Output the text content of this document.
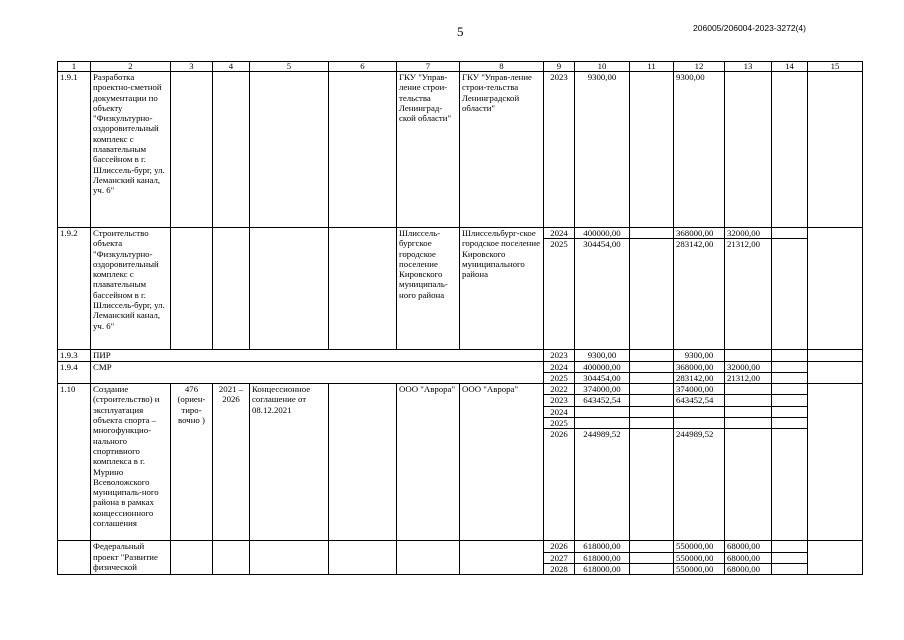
5	206005/206004-2023-3272(4)
1	2	3	4	5	6	7	8	9	10	11	12	13	14	15
1.9.1	Разработка проектно-сметной документации по объекту "Физкультурно-оздоровительный комплекс с плавательным бассейном в г. Шлиссель-бург, ул. Леманский канал, уч. 6"					ГКУ "Управ-ление строи-тельства Ленинград-ской области"	ГКУ "Управ-ление строи-тельства Ленинградской области"	2023	9300,00		9300,00			
1.9.2	Строительство объекта "Физкультурно-оздоровительный комплекс с плавательным бассейном в г. Шлиссель-бург, ул. Леманский канал, уч. 6"					Шлиссель-бургское городское поселение Кировского муниципаль-ного района	Шлиссельбург-ское городское поселение Кировского муниципального района	2024	400000,00		368000,00	32000,00		
								2025	304454,00		283142,00	21312,00		
1.9.3	ПИР							2023	9300,00		9300,00			
1.9.4	СМР							2024	400000,00		368000,00	32000,00		
								2025	304454,00		283142,00	21312,00		
1.10	Создание (строительство) и эксплуатация объекта спорта – многофункцио-нального спортивного комплекса в г. Мурино Всеволожского муниципаль-ного района в рамках концессионного соглашения	476 (ориен-тиро-вочно )	2021 – 2026	Концессионное соглашение от 08.12.2021		ООО "Аврора"	ООО "Аврора"	2022	374000,00		374000,00			
								2023	643452,54		643452,54			
								2024						
								2025						
								2026	244989,52		244989,52			
	Федеральный проект "Развитие физической							2026	618000,00		550000,00	68000,00		
								2027	618000,00		550000,00	68000,00		
								2028	618000,00		550000,00	68000,00		
